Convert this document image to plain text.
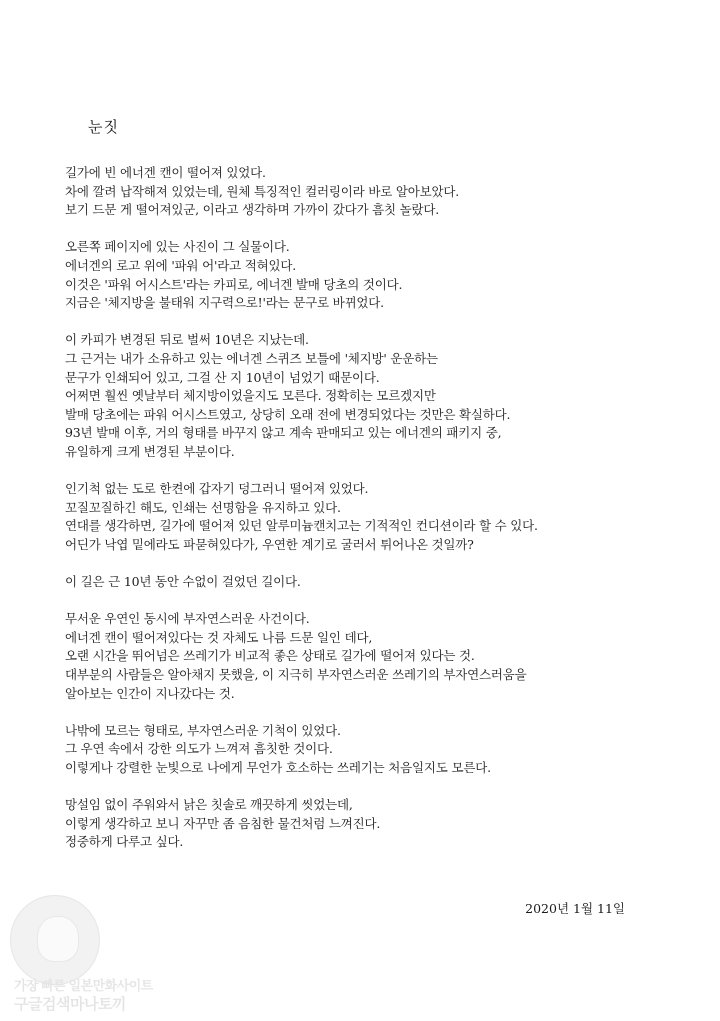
눈짓
길가에 빈 에너겐 캔이 떨어져 있었다.
차에 깔려 납작해져 있었는데, 원체 특징적인 컬러링이라 바로 알아보았다.
보기 드문 게 떨어져있군, 이라고 생각하며 가까이 갔다가 흠칫 놀랐다.
오른쪽 페이지에 있는 사진이 그 실물이다.
에너겐의 로고 위에 '파워 어'라고 적혀있다.
이것은 '파워 어시스트'라는 카피로, 에너겐 발매 당초의 것이다.
지금은 '체지방을 불태워 지구력으로!'라는 문구로 바뀌었다.
이 카피가 변경된 뒤로 벌써 10년은 지났는데.
그 근거는 내가 소유하고 있는 에너겐 스퀴즈 보틀에 '체지방' 운운하는
문구가 인쇄되어 있고, 그걸 산 지 10년이 넘었기 때문이다.
어쩌면 훨씬 옛날부터 체지방이었을지도 모른다. 정확히는 모르겠지만
발매 당초에는 파워 어시스트였고, 상당히 오래 전에 변경되었다는 것만은 확실하다.
93년 발매 이후, 거의 형태를 바꾸지 않고 계속 판매되고 있는 에너겐의 패키지 중,
유일하게 크게 변경된 부분이다.
인기척 없는 도로 한켠에 갑자기 덩그러니 떨어져 있었다.
꼬질꼬질하긴 해도, 인쇄는 선명함을 유지하고 있다.
연대를 생각하면, 길가에 떨어져 있던 알루미늄캔치고는 기적적인 컨디션이라 할 수 있다.
어딘가 낙엽 밑에라도 파묻혀있다가, 우연한 계기로 굴러서 튀어나온 것일까?
이 길은 근 10년 동안 수없이 걸었던 길이다.
무서운 우연인 동시에 부자연스러운 사건이다.
에너겐 캔이 떨어져있다는 것 자체도 나름 드문 일인 데다,
오랜 시간을 뛰어넘은 쓰레기가 비교적 좋은 상태로 길가에 떨어져 있다는 것.
대부분의 사람들은 알아채지 못했을, 이 지극히 부자연스러운 쓰레기의 부자연스러움을
알아보는 인간이 지나갔다는 것.
나밖에 모르는 형태로, 부자연스러운 기척이 있었다.
그 우연 속에서 강한 의도가 느껴져 흠칫한 것이다.
이렇게나 강렬한 눈빛으로 나에게 무언가 호소하는 쓰레기는 처음일지도 모른다.
망설임 없이 주워와서 낡은 칫솔로 깨끗하게 씻었는데,
이렇게 생각하고 보니 자꾸만 좀 음침한 물건처럼 느껴진다.
정중하게 다루고 싶다.
2020년 1월 11일
가장 빠른 일본만화사이트
구글검색마나토끼
